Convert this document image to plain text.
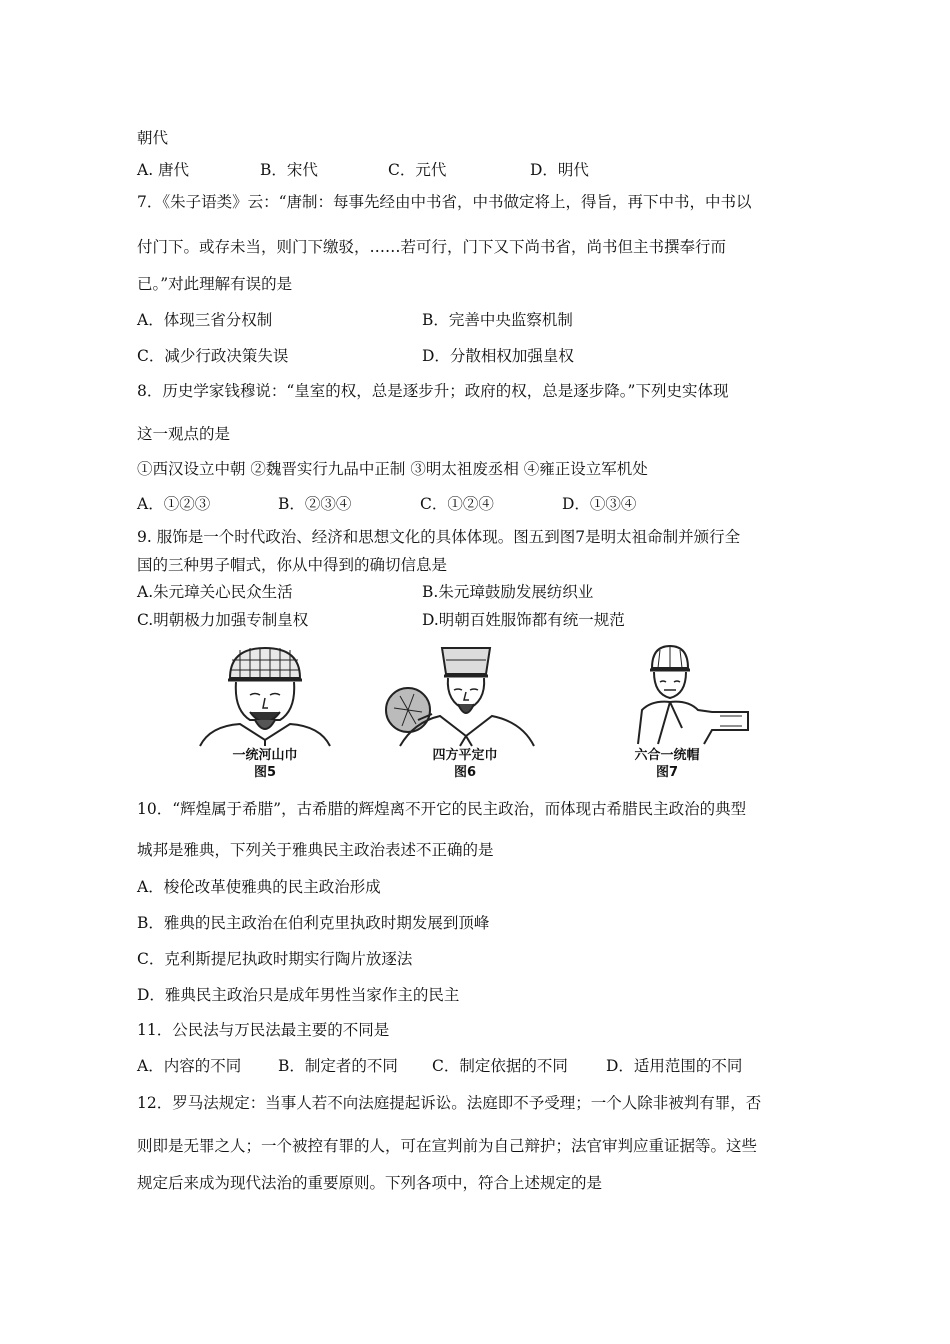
朝代
A. 唐代	B．宋代	C．元代	D．明代
7．《朱子语类》云：“唐制：每事先经由中书省，中书做定将上，得旨，再下中书，中书以
付门下。或存未当，则门下缴驳，……若可行，门下又下尚书省，尚书但主书撰奉行而
已。”对此理解有误的是
A．体现三省分权制	B．完善中央监察机制
C．减少行政决策失误	D．分散相权加强皇权
8．历史学家钱穆说：“皇室的权，总是逐步升；政府的权，总是逐步降。”下列史实体现
这一观点的是
①西汉设立中朝 ②魏晋实行九品中正制 ③明太祖废丞相 ④雍正设立军机处
A．①②③	B．②③④	C．①②④	D．①③④
9. 服饰是一个时代政治、经济和思想文化的具体体现。图五到图7是明太祖命制并颁行全
国的三种男子帽式，你从中得到的确切信息是
A.朱元璋关心民众生活	B.朱元璋鼓励发展纺织业
C.明朝极力加强专制皇权	D.明朝百姓服饰都有统一规范
一统河山巾
图5
四方平定巾
图6
六合一统帽
图7
10．“辉煌属于希腊”，古希腊的辉煌离不开它的民主政治，而体现古希腊民主政治的典型
城邦是雅典，下列关于雅典民主政治表述不正确的是
A．梭伦改革使雅典的民主政治形成
B．雅典的民主政治在伯利克里执政时期发展到顶峰
C．克利斯提尼执政时期实行陶片放逐法
D．雅典民主政治只是成年男性当家作主的民主
11．公民法与万民法最主要的不同是
A．内容的不同 B．制定者的不同 C．制定依据的不同 D．适用范围的不同
12．罗马法规定：当事人若不向法庭提起诉讼。法庭即不予受理；一个人除非被判有罪，否
则即是无罪之人；一个被控有罪的人，可在宣判前为自己辩护；法官审判应重证据等。这些
规定后来成为现代法治的重要原则。下列各项中，符合上述规定的是
